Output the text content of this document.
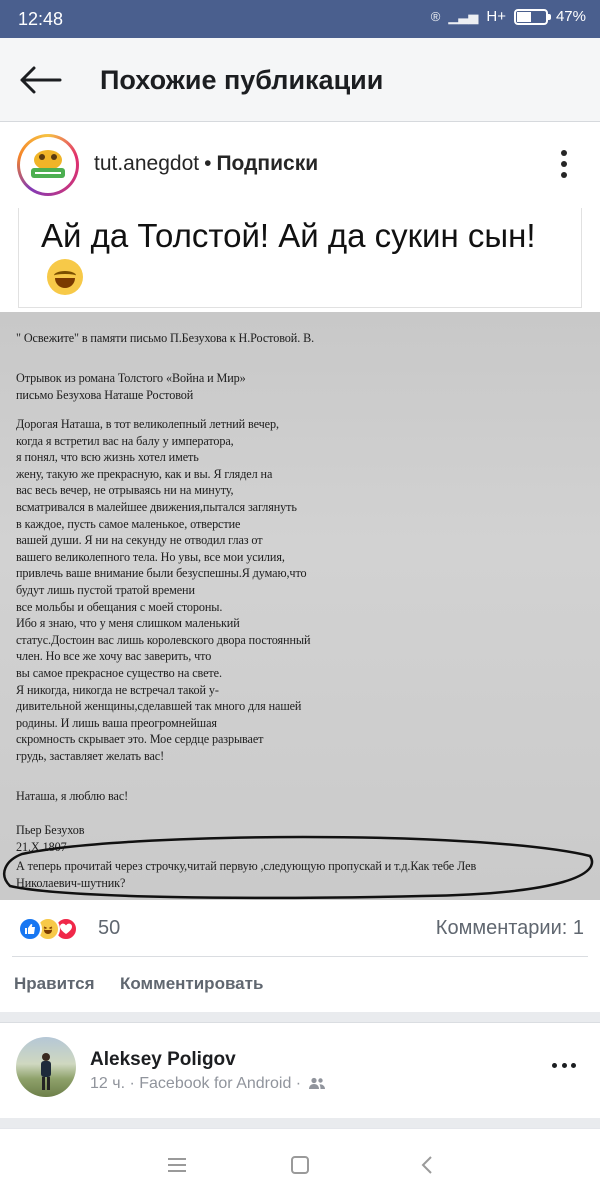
12:48	® ▁▃▅ H+	47%
Похожие публикации
tut.anegdot • Подписки
Ай да Толстой! Ай да сукин сын!
" Освежите" в памяти письмо П.Безухова к Н.Ростовой. В.
Отрывок из романа Толстого «Война и Мир»
письмо Безухова Наташе Ростовой
Дорогая Наташа, в тот великолепный летний вечер,
когда я встретил вас на балу у императора,
я понял, что всю жизнь хотел иметь
жену, такую же прекрасную, как и вы. Я глядел на
вас весь вечер, не отрываясь ни на минуту,
всматривался в малейшее движения,пытался заглянуть
в каждое, пусть самое маленькое, отверстие
вашей души. Я ни на секунду не отводил глаз от
вашего великолепного тела. Но увы, все мои усилия,
привлечь ваше внимание были безуспешны.Я думаю,что
будут лишь пустой тратой времени
все мольбы и обещания с моей стороны.
Ибо я знаю, что у меня слишком маленький
статус.Достоин вас лишь королевского двора постоянный
член. Но все же хочу вас заверить, что
вы самое прекрасное существо на свете.
Я никогда, никогда не встречал такой у-
дивительной женщины,сделавшей так много для нашей
родины. И лишь ваша преогромнейшая
скромность скрывает это. Мое сердце разрывает
грудь, заставляет желать вас!
Наташа, я люблю вас!
Пьер Безухов
21.X.1807
А теперь прочитай через строчку,читай первую ,следующую пропускай и т.д.Как тебе Лев
Николаевич-шутник?
50	Комментарии: 1
Нравится Комментировать
Aleksey Poligov
12 ч. · Facebook for Android ·
